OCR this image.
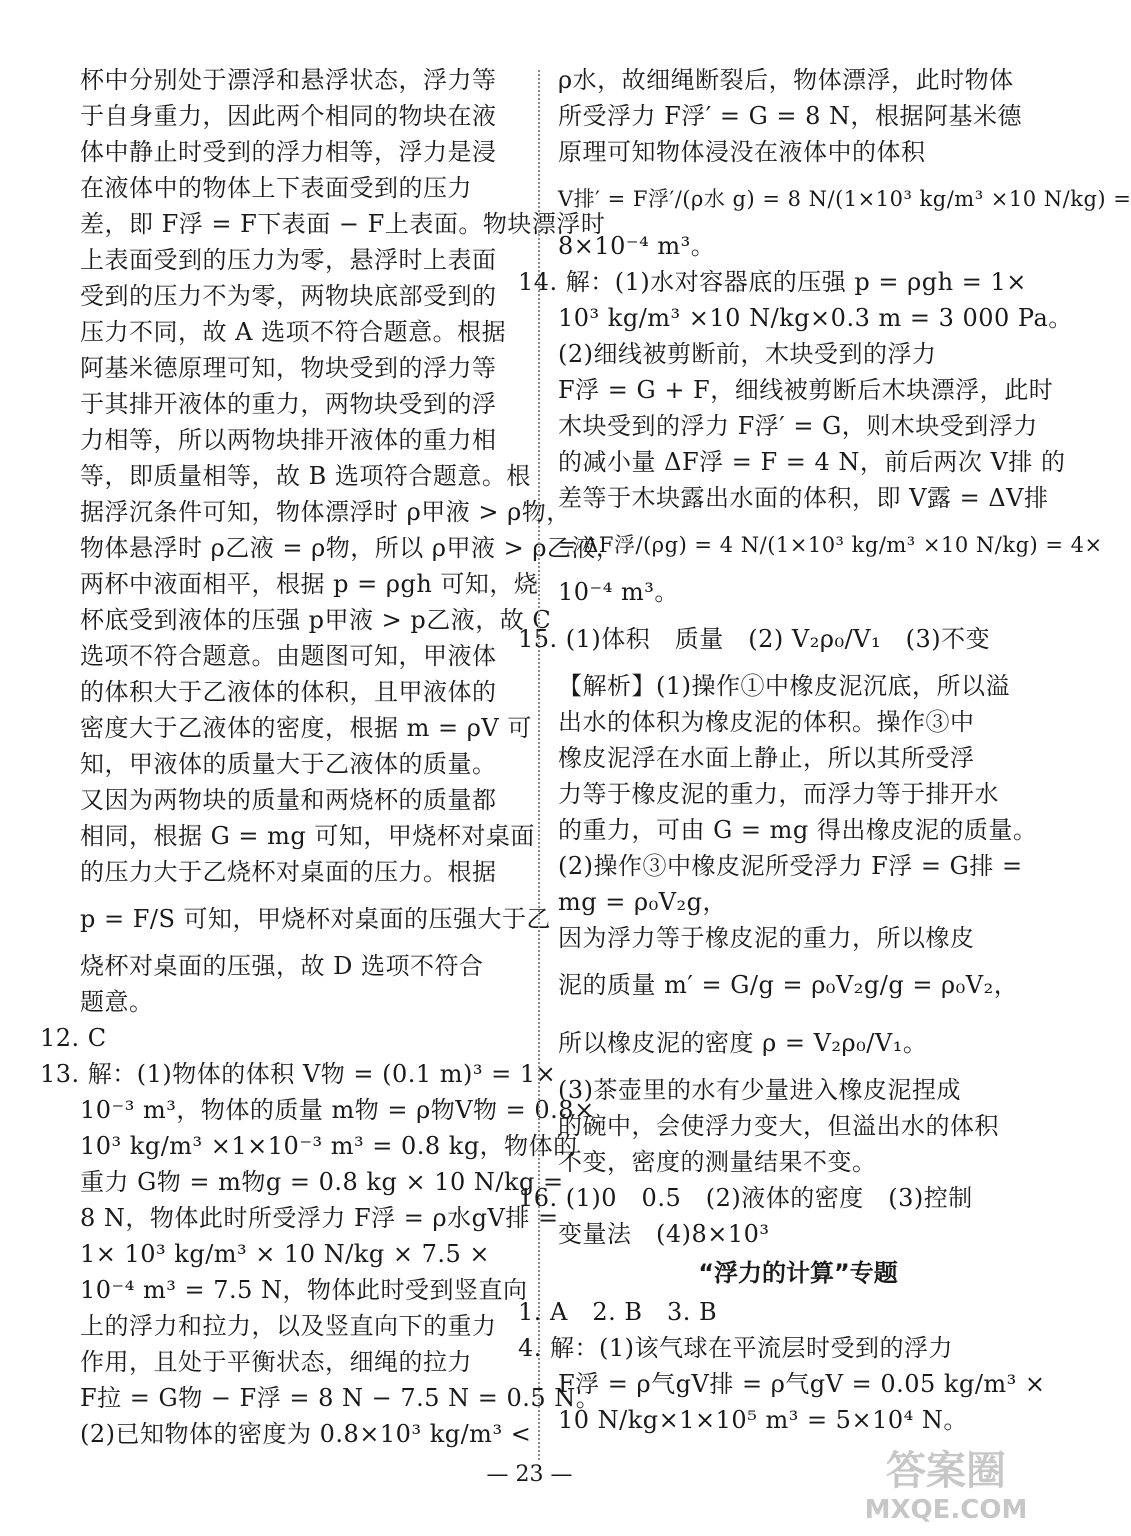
杯中分别处于漂浮和悬浮状态，浮力等
于自身重力，因此两个相同的物块在液
体中静止时受到的浮力相等，浮力是浸
在液体中的物体上下表面受到的压力
差，即 F浮 = F下表面 − F上表面。物块漂浮时
上表面受到的压力为零，悬浮时上表面
受到的压力不为零，两物块底部受到的
压力不同，故 A 选项不符合题意。根据
阿基米德原理可知，物块受到的浮力等
于其排开液体的重力，两物块受到的浮
力相等，所以两物块排开液体的重力相
等，即质量相等，故 B 选项符合题意。根
据浮沉条件可知，物体漂浮时 ρ甲液 > ρ物，
物体悬浮时 ρ乙液 = ρ物，所以 ρ甲液 > ρ乙液，
两杯中液面相平，根据 p = ρgh 可知，烧
杯底受到液体的压强 p甲液 > p乙液，故 C
选项不符合题意。由题图可知，甲液体
的体积大于乙液体的体积，且甲液体的
密度大于乙液体的密度，根据 m = ρV 可
知，甲液体的质量大于乙液体的质量。
又因为两物块的质量和两烧杯的质量都
相同，根据 G = mg 可知，甲烧杯对桌面
的压力大于乙烧杯对桌面的压力。根据
p = F/S 可知，甲烧杯对桌面的压强大于乙
烧杯对桌面的压强，故 D 选项不符合
题意。
12. C
13. 解：(1)物体的体积 V物 = (0.1 m)³ = 1×
10⁻³ m³，物体的质量 m物 = ρ物V物 = 0.8×
10³ kg/m³ ×1×10⁻³ m³ = 0.8 kg，物体的
重力 G物 = m物g = 0.8 kg × 10 N/kg =
8 N，物体此时所受浮力 F浮 = ρ水gV排 =
1× 10³ kg/m³ × 10 N/kg × 7.5 ×
10⁻⁴ m³ = 7.5 N，物体此时受到竖直向
上的浮力和拉力，以及竖直向下的重力
作用，且处于平衡状态，细绳的拉力
F拉 = G物 − F浮 = 8 N − 7.5 N = 0.5 N。
(2)已知物体的密度为 0.8×10³ kg/m³ <
ρ水，故细绳断裂后，物体漂浮，此时物体
所受浮力 F浮′ = G = 8 N，根据阿基米德
原理可知物体浸没在液体中的体积
V排′ = F浮′/(ρ水 g) = 8 N/(1×10³ kg/m³ ×10 N/kg) =
8×10⁻⁴ m³。
14. 解：(1)水对容器底的压强 p = ρgh = 1×
10³ kg/m³ ×10 N/kg×0.3 m = 3 000 Pa。
(2)细线被剪断前，木块受到的浮力
F浮 = G + F，细线被剪断后木块漂浮，此时
木块受到的浮力 F浮′ = G，则木块受到浮力
的减小量 ΔF浮 = F = 4 N，前后两次 V排 的
差等于木块露出水面的体积，即 V露 = ΔV排
= ΔF浮/(ρg) = 4 N/(1×10³ kg/m³ ×10 N/kg) = 4×
10⁻⁴ m³。
15. (1)体积　质量　(2) V₂ρ₀/V₁　(3)不变
【解析】(1)操作①中橡皮泥沉底，所以溢
出水的体积为橡皮泥的体积。操作③中
橡皮泥浮在水面上静止，所以其所受浮
力等于橡皮泥的重力，而浮力等于排开水
的重力，可由 G = mg 得出橡皮泥的质量。
(2)操作③中橡皮泥所受浮力 F浮 = G排 =
mg = ρ₀V₂g，
因为浮力等于橡皮泥的重力，所以橡皮
泥的质量 m′ = G/g = ρ₀V₂g/g = ρ₀V₂，
所以橡皮泥的密度 ρ = V₂ρ₀/V₁。
(3)茶壶里的水有少量进入橡皮泥捏成
的碗中，会使浮力变大，但溢出水的体积
不变，密度的测量结果不变。
16. (1)0　0.5　(2)液体的密度　(3)控制
变量法　(4)8×10³
“浮力的计算”专题
1. A　2. B　3. B
4. 解：(1)该气球在平流层时受到的浮力
F浮 = ρ气gV排 = ρ气gV = 0.05 kg/m³ ×
10 N/kg×1×10⁵ m³ = 5×10⁴ N。
— 23 —	答案圈
MXQE.COM
